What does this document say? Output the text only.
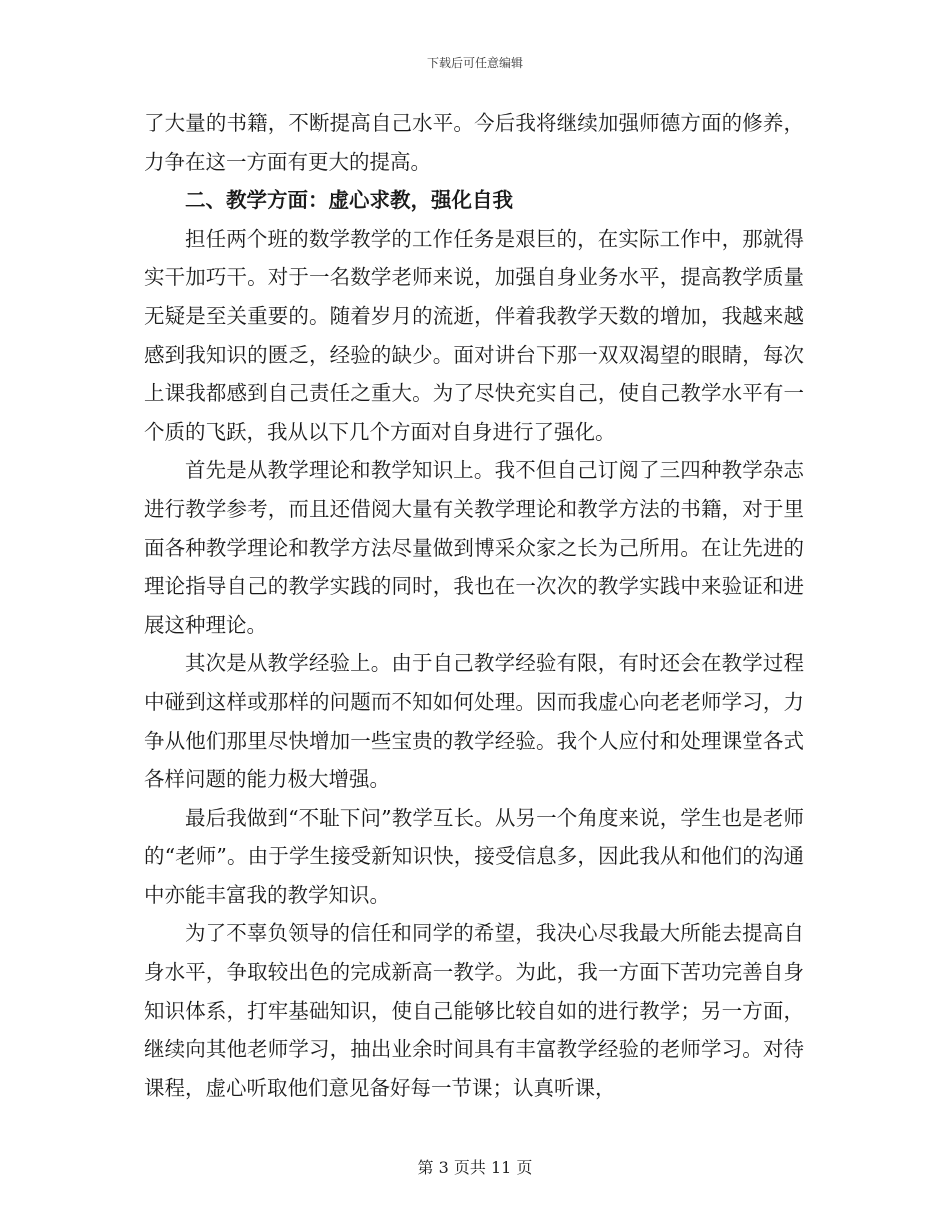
下载后可任意编辑

了大量的书籍，不断提高自己水平。今后我将继续加强师德方面的修养，力争在这一方面有更大的提高。

二、教学方面：虚心求教，强化自我

担任两个班的数学教学的工作任务是艰巨的，在实际工作中，那就得实干加巧干。对于一名数学老师来说，加强自身业务水平，提高教学质量无疑是至关重要的。随着岁月的流逝，伴着我教学天数的增加，我越来越感到我知识的匮乏，经验的缺少。面对讲台下那一双双渴望的眼睛，每次上课我都感到自己责任之重大。为了尽快充实自己，使自己教学水平有一个质的飞跃，我从以下几个方面对自身进行了强化。

首先是从教学理论和教学知识上。我不但自己订阅了三四种教学杂志进行教学参考，而且还借阅大量有关教学理论和教学方法的书籍，对于里面各种教学理论和教学方法尽量做到博采众家之长为己所用。在让先进的理论指导自己的教学实践的同时，我也在一次次的教学实践中来验证和进展这种理论。

其次是从教学经验上。由于自己教学经验有限，有时还会在教学过程中碰到这样或那样的问题而不知如何处理。因而我虚心向老老师学习，力争从他们那里尽快增加一些宝贵的教学经验。我个人应付和处理课堂各式各样问题的能力极大增强。

最后我做到“不耻下问”教学互长。从另一个角度来说，学生也是老师的“老师”。由于学生接受新知识快，接受信息多，因此我从和他们的沟通中亦能丰富我的教学知识。

为了不辜负领导的信任和同学的希望，我决心尽我最大所能去提高自身水平，争取较出色的完成新高一教学。为此，我一方面下苦功完善自身知识体系，打牢基础知识，使自己能够比较自如的进行教学；另一方面，继续向其他老师学习，抽出业余时间具有丰富教学经验的老师学习。对待课程，虚心听取他们意见备好每一节课；认真听课，

第 3 页共 11 页
